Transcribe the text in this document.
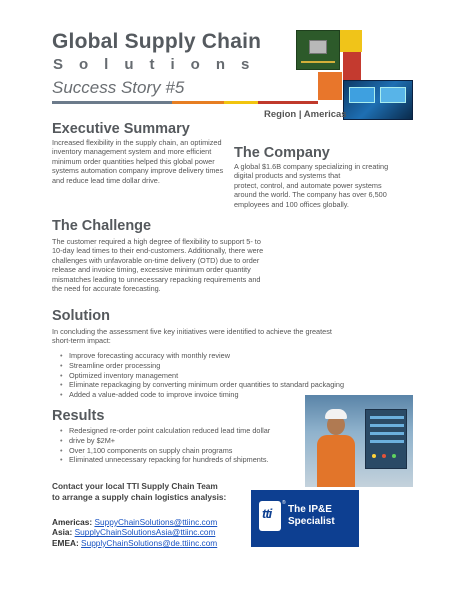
Global Supply Chain
Solutions
Success Story #5
Region | Americas
Executive Summary
Increased flexibility in the supply chain, an optimized
inventory management system and more efficient
minimum order quantities helped this global power
systems automation company improve delivery times
and reduce lead time dollar drive.
The Company
A global $1.6B company specializing in creating
digital products and systems that
protect, control, and automate power systems
around the world. The company has over 6,500
employees and 100 offices globally.
The Challenge
The customer required a high degree of flexibility to support 5- to
10-day lead times to their end-customers. Additionally, there were
challenges with unfavorable on-time delivery (OTD) due to order
release and invoice timing, excessive minimum order quantity
mismatches leading to unnecessary repacking requirements and
the need for accurate forecasting.
Solution
In concluding the assessment five key initiatives were identified to achieve the greatest
short-term impact:
• Improve forecasting accuracy with monthly review
• Streamline order processing
• Optimized inventory management
• Eliminate repackaging by converting minimum order quantities to standard packaging
• Added a value-added code to improve invoice timing
Results
• Redesigned re-order point calculation reduced lead time dollar
• drive by $2M+
• Over 1,100 components on supply chain programs
• Eliminated unnecessary repacking for hundreds of shipments.
Contact your local TTI Supply Chain Team
to arrange a supply chain logistics analysis:
Americas: SuppyChainSolutions@ttiinc.com
Asia: SupplyChainSolutionsAsia@ttiinc.com
EMEA: SupplyChainSolutions@de.ttiinc.com
tti
®
The IP&E
Specialist
